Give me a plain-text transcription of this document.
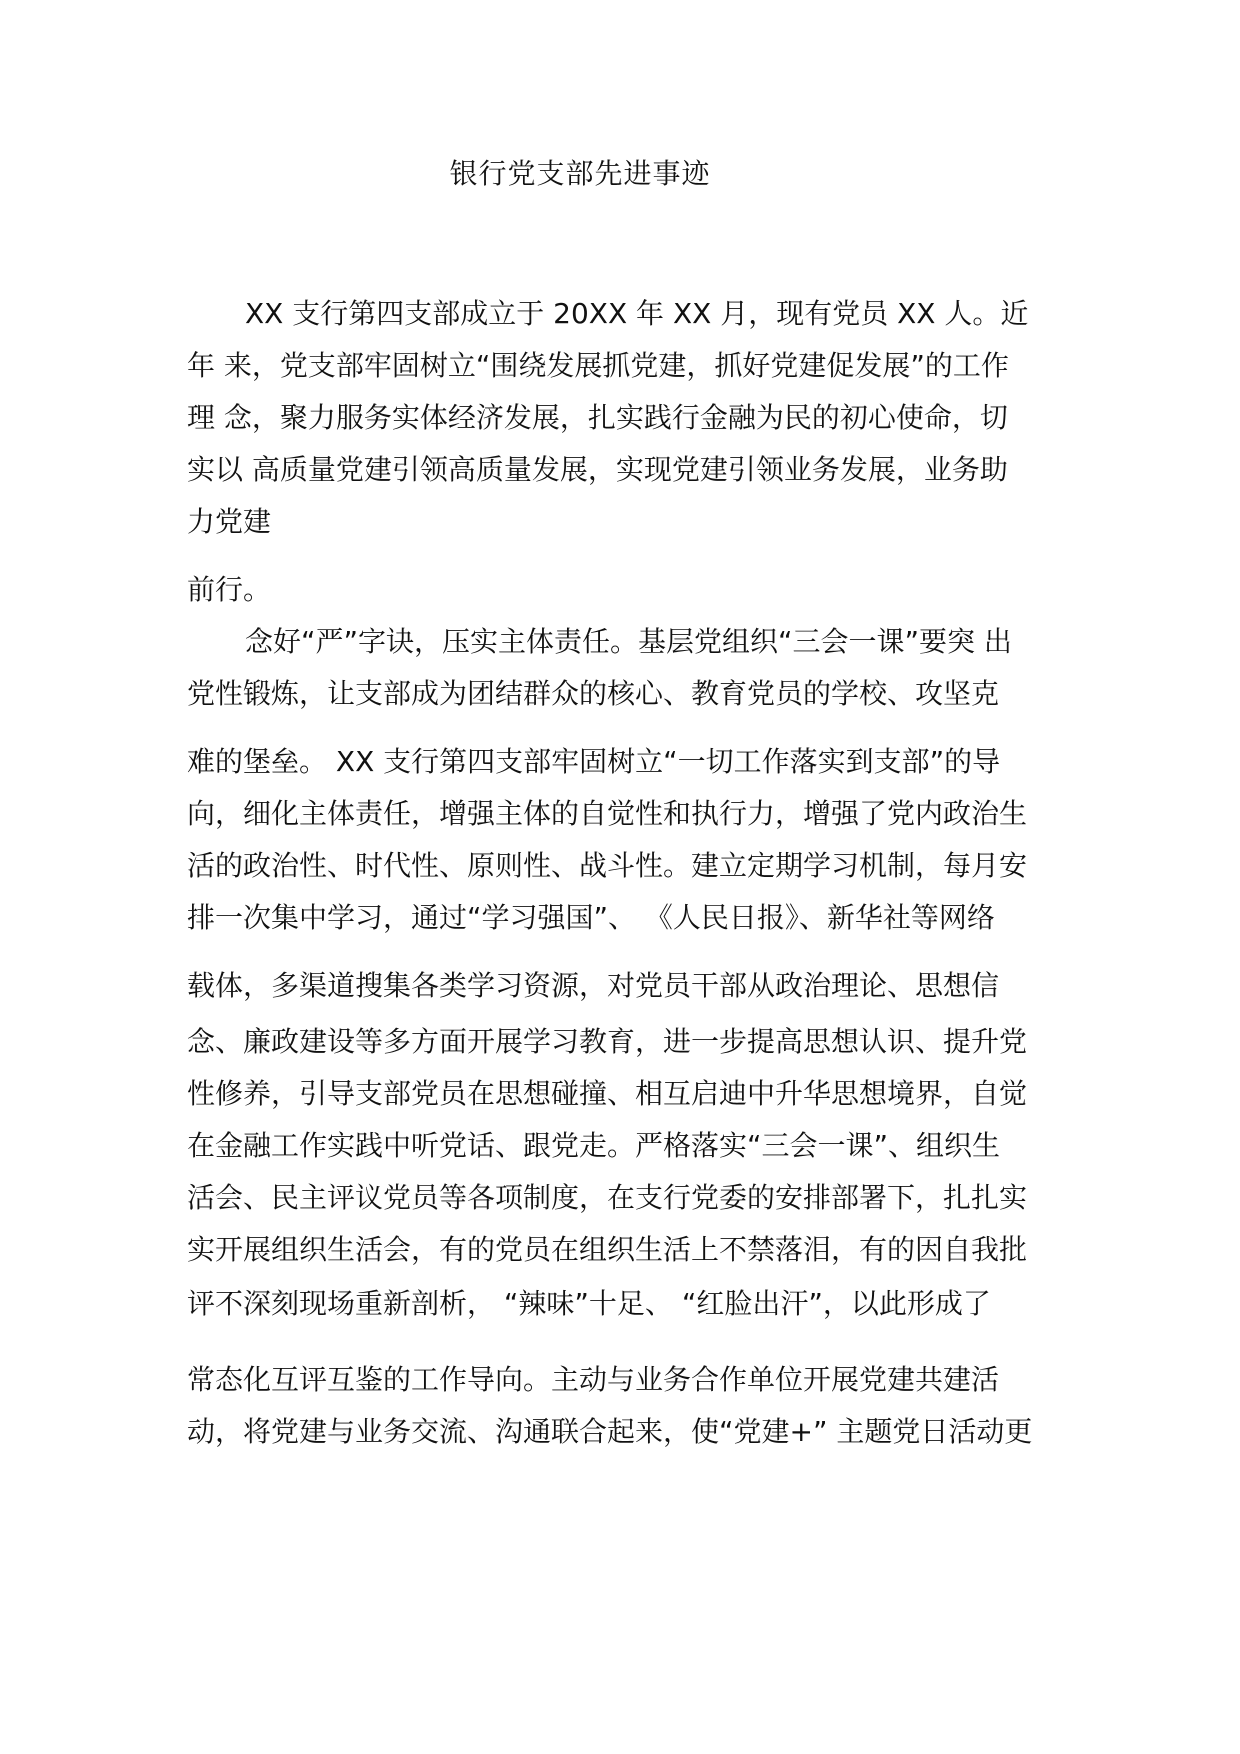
银行党支部先进事迹
XX 支行第四支部成立于 20XX 年 XX 月，现有党员 XX 人。近
年 来，党支部牢固树立“围绕发展抓党建，抓好党建促发展”的工作
理 念，聚力服务实体经济发展，扎实践行金融为民的初心使命，切
实以 高质量党建引领高质量发展，实现党建引领业务发展，业务助
力党建
前行。
念好“严”字诀，压实主体责任。基层党组织“三会一课”要突 出
党性锻炼，让支部成为团结群众的核心、教育党员的学校、攻坚克
难的堡垒。 XX 支行第四支部牢固树立“一切工作落实到支部”的导
向，细化主体责任，增强主体的自觉性和执行力，增强了党内政治生
活的政治性、时代性、原则性、战斗性。建立定期学习机制，每月安
排一次集中学习，通过“学习强国”、 《人民日报》、新华社等网络
载体，多渠道搜集各类学习资源，对党员干部从政治理论、思想信
念、廉政建设等多方面开展学习教育，进一步提高思想认识、提升党
性修养，引导支部党员在思想碰撞、相互启迪中升华思想境界，自觉
在金融工作实践中听党话、跟党走。严格落实“三会一课”、组织生
活会、民主评议党员等各项制度，在支行党委的安排部署下，扎扎实
实开展组织生活会，有的党员在组织生活上不禁落泪，有的因自我批
评不深刻现场重新剖析， “辣味”十足、 “红脸出汗”，以此形成了
常态化互评互鉴的工作导向。主动与业务合作单位开展党建共建活
动，将党建与业务交流、沟通联合起来，使“党建+” 主题党日活动更
